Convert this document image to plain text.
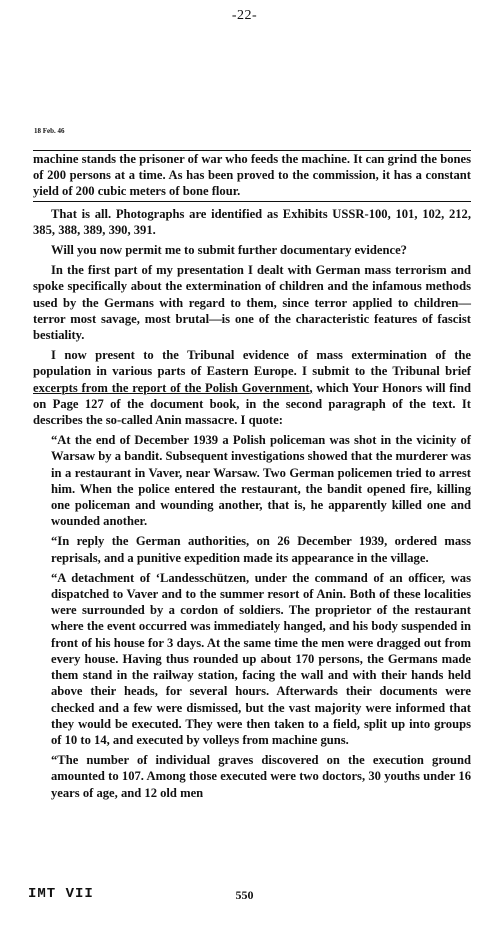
-22-
18 Feb. 46

machine stands the prisoner of war who feeds the machine. It can grind the bones of 200 persons at a time. As has been proved to the commission, it has a constant yield of 200 cubic meters of bone flour.

That is all. Photographs are identified as Exhibits USSR-100, 101, 102, 212, 385, 388, 389, 390, 391.

Will you now permit me to submit further documentary evidence?

In the first part of my presentation I dealt with German mass terrorism and spoke specifically about the extermination of children and the infamous methods used by the Germans with regard to them, since terror applied to children—terror most savage, most brutal—is one of the characteristic features of fascist bestiality.

I now present to the Tribunal evidence of mass extermination of the population in various parts of Eastern Europe. I submit to the Tribunal brief excerpts from the report of the Polish Government, which Your Honors will find on Page 127 of the document book, in the second paragraph of the text. It describes the so-called Anin massacre. I quote:

“At the end of December 1939 a Polish policeman was shot in the vicinity of Warsaw by a bandit. Subsequent investigations showed that the murderer was in a restaurant in Vaver, near Warsaw. Two German policemen tried to arrest him. When the police entered the restaurant, the bandit opened fire, killing one policeman and wounding another, that is, he apparently killed one and wounded another.

“In reply the German authorities, on 26 December 1939, ordered mass reprisals, and a punitive expedition made its appearance in the village.

“A detachment of ‘Landesschützen, under the command of an officer, was dispatched to Vaver and to the summer resort of Anin. Both of these localities were surrounded by a cordon of soldiers. The proprietor of the restaurant where the event occurred was immediately hanged, and his body suspended in front of his house for 3 days. At the same time the men were dragged out from every house. Having thus rounded up about 170 persons, the Germans made them stand in the railway station, facing the wall and with their hands held above their heads, for several hours. Afterwards their documents were checked and a few were dismissed, but the vast majority were informed that they would be executed. They were then taken to a field, split up into groups of 10 to 14, and executed by volleys from machine guns.

“The number of individual graves discovered on the execution ground amounted to 107. Among those executed were two doctors, 30 youths under 16 years of age, and 12 old men

IMT VII	550
